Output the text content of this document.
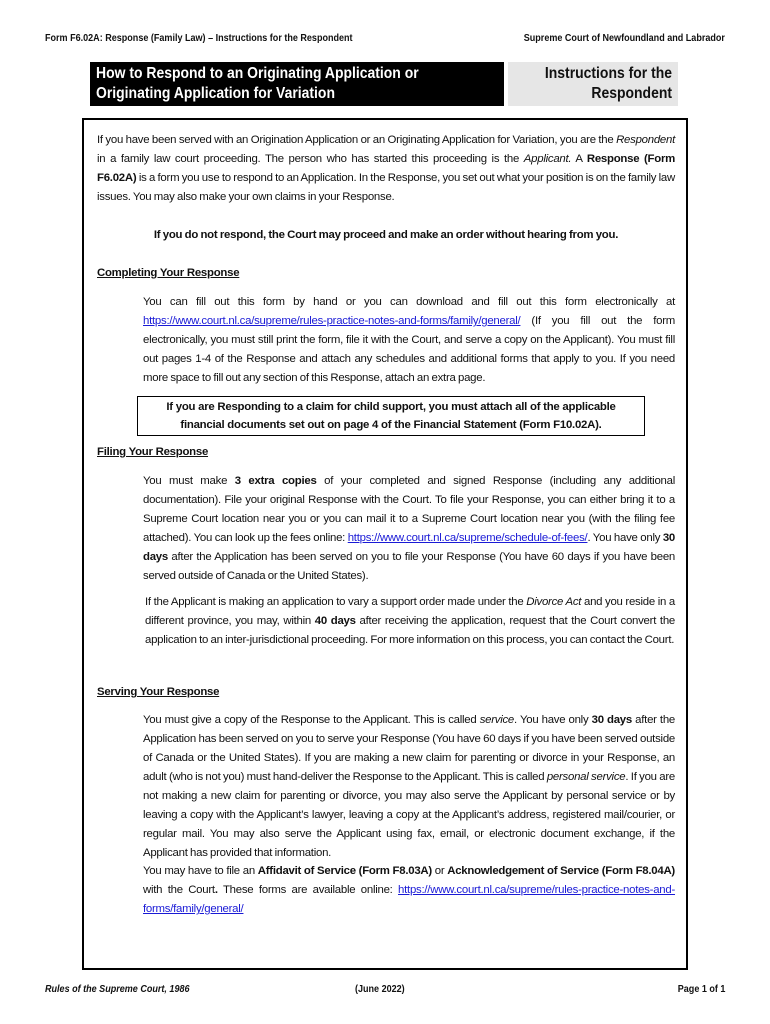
Form F6.02A: Response (Family Law) – Instructions for the Respondent	Supreme Court of Newfoundland and Labrador
How to Respond to an Originating Application or
Originating Application for Variation
Instructions for the
Respondent
If you have been served with an Origination Application or an Originating Application for Variation, you are the Respondent in a family law court proceeding. The person who has started this proceeding is the Applicant. A Response (Form F6.02A) is a form you use to respond to an Application. In the Response, you set out what your position is on the family law issues. You may also make your own claims in your Response.
If you do not respond, the Court may proceed and make an order without hearing from you.
Completing Your Response
You can fill out this form by hand or you can download and fill out this form electronically at https://www.court.nl.ca/supreme/rules-practice-notes-and-forms/family/general/ (If you fill out the form electronically, you must still print the form, file it with the Court, and serve a copy on the Applicant). You must fill out pages 1-4 of the Response and attach any schedules and additional forms that apply to you. If you need more space to fill out any section of this Response, attach an extra page.
If you are Responding to a claim for child support, you must attach all of the applicable
financial documents set out on page 4 of the Financial Statement (Form F10.02A).
Filing Your Response
You must make 3 extra copies of your completed and signed Response (including any additional documentation). File your original Response with the Court. To file your Response, you can either bring it to a Supreme Court location near you or you can mail it to a Supreme Court location near you (with the filing fee attached). You can look up the fees online: https://www.court.nl.ca/supreme/schedule-of-fees/. You have only 30 days after the Application has been served on you to file your Response (You have 60 days if you have been served outside of Canada or the United States).
If the Applicant is making an application to vary a support order made under the Divorce Act and you reside in a different province, you may, within 40 days after receiving the application, request that the Court convert the application to an inter-jurisdictional proceeding. For more information on this process, you can contact the Court.
Serving Your Response
You must give a copy of the Response to the Applicant. This is called service. You have only 30 days after the Application has been served on you to serve your Response (You have 60 days if you have been served outside of Canada or the United States). If you are making a new claim for parenting or divorce in your Response, an adult (who is not you) must hand-deliver the Response to the Applicant. This is called personal service. If you are not making a new claim for parenting or divorce, you may also serve the Applicant by personal service or by leaving a copy with the Applicant’s lawyer, leaving a copy at the Applicant’s address, registered mail/courier, or regular mail. You may also serve the Applicant using fax, email, or electronic document exchange, if the Applicant has provided that information.
You may have to file an Affidavit of Service (Form F8.03A) or Acknowledgement of Service (Form F8.04A) with the Court. These forms are available online: https://www.court.nl.ca/supreme/rules-practice-notes-and-forms/family/general/
Rules of the Supreme Court, 1986	(June 2022)	Page 1 of 1
